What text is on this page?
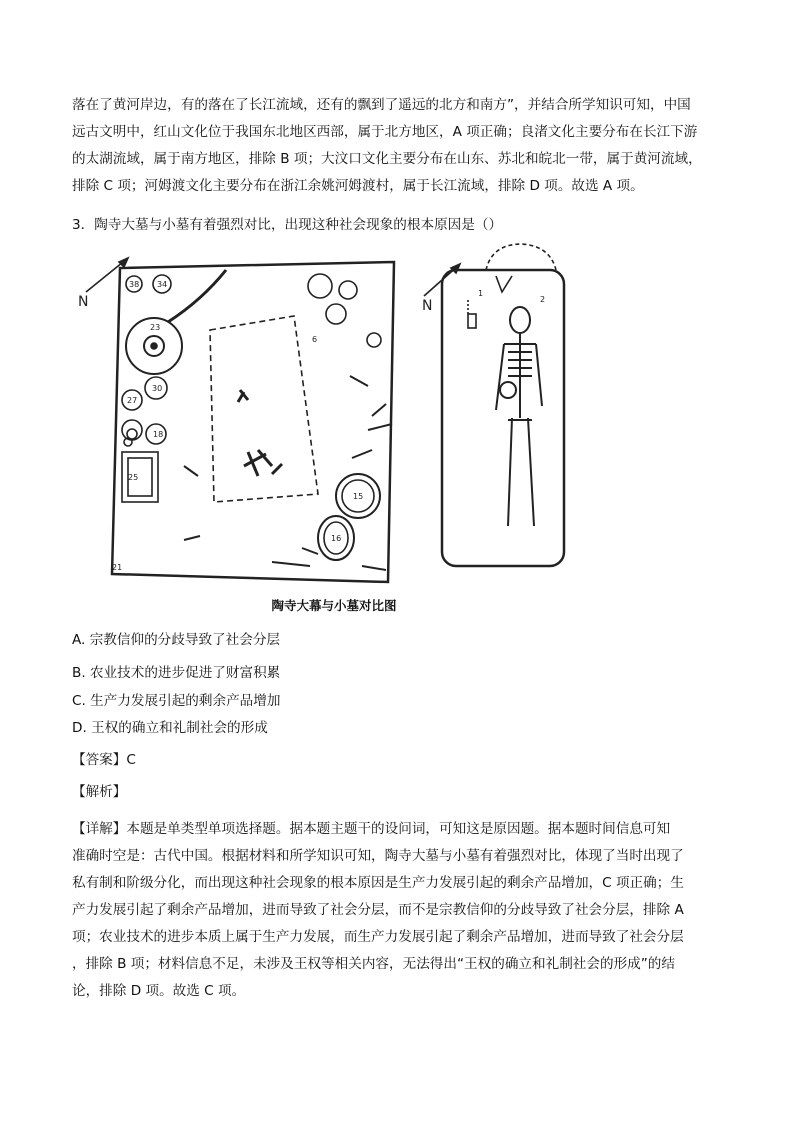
落在了黄河岸边，有的落在了长江流域，还有的飘到了遥远的北方和南方”，并结合所学知识可知，中国
远古文明中，红山文化位于我国东北地区西部，属于北方地区，A 项正确；良渚文化主要分布在长江下游
的太湖流域，属于南方地区，排除 B 项；大汶口文化主要分布在山东、苏北和皖北一带，属于黄河流域，
排除 C 项；河姆渡文化主要分布在浙江余姚河姆渡村，属于长江流域，排除 D 项。故选 A 项。
3．陶寺大墓与小墓有着强烈对比，出现这种社会现象的根本原因是（）
N	N
38 34
27
23
30
18
25
15
16
6
21
1
2
陶寺大幕与小墓对比图
A. 宗教信仰的分歧导致了社会分层
B. 农业技术的进步促进了财富积累
C. 生产力发展引起的剩余产品增加
D. 王权的确立和礼制社会的形成
【答案】C
【解析】
【详解】本题是单类型单项选择题。据本题主题干的设问词，可知这是原因题。据本题时间信息可知
准确时空是：古代中国。根据材料和所学知识可知，陶寺大墓与小墓有着强烈对比，体现了当时出现了
私有制和阶级分化，而出现这种社会现象的根本原因是生产力发展引起的剩余产品增加，C 项正确；生
产力发展引起了剩余产品增加，进而导致了社会分层，而不是宗教信仰的分歧导致了社会分层，排除 A
项；农业技术的进步本质上属于生产力发展，而生产力发展引起了剩余产品增加，进而导致了社会分层
，排除 B 项；材料信息不足，未涉及王权等相关内容，无法得出“王权的确立和礼制社会的形成”的结
论，排除 D 项。故选 C 项。
